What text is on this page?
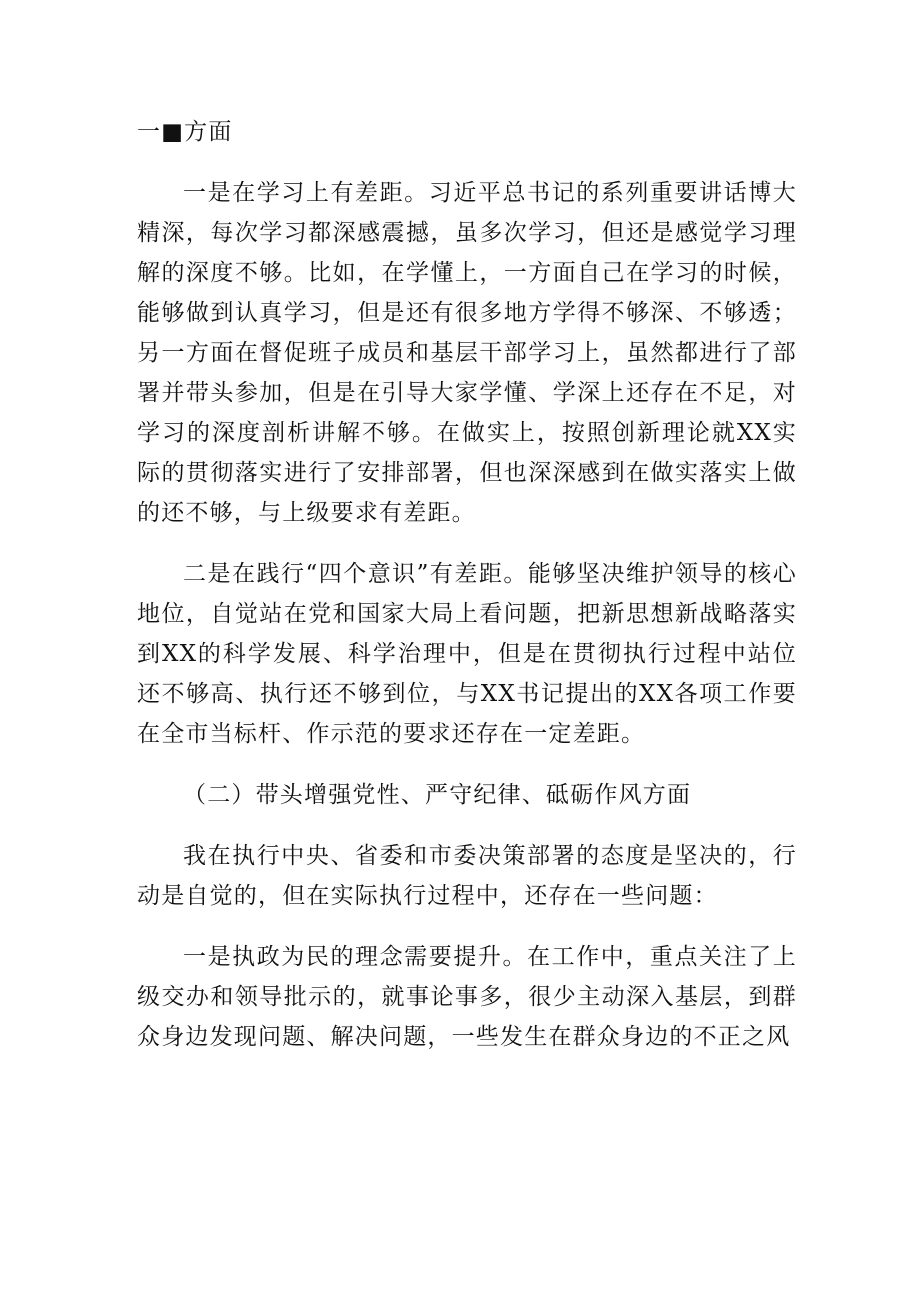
一■方面

一是在学习上有差距。习近平总书记的系列重要讲话博大精深，每次学习都深感震撼，虽多次学习，但还是感觉学习理解的深度不够。比如，在学懂上，一方面自己在学习的时候，能够做到认真学习，但是还有很多地方学得不够深、不够透；另一方面在督促班子成员和基层干部学习上，虽然都进行了部署并带头参加，但是在引导大家学懂、学深上还存在不足，对学习的深度剖析讲解不够。在做实上，按照创新理论就XX实际的贯彻落实进行了安排部署，但也深深感到在做实落实上做的还不够，与上级要求有差距。

二是在践行“四个意识”有差距。能够坚决维护领导的核心地位，自觉站在党和国家大局上看问题，把新思想新战略落实到XX的科学发展、科学治理中，但是在贯彻执行过程中站位还不够高、执行还不够到位，与XX书记提出的XX各项工作要在全市当标杆、作示范的要求还存在一定差距。

（二）带头增强党性、严守纪律、砥砺作风方面

我在执行中央、省委和市委决策部署的态度是坚决的，行动是自觉的，但在实际执行过程中，还存在一些问题：

一是执政为民的理念需要提升。在工作中，重点关注了上级交办和领导批示的，就事论事多，很少主动深入基层，到群众身边发现问题、解决问题，一些发生在群众身边的不正之风
